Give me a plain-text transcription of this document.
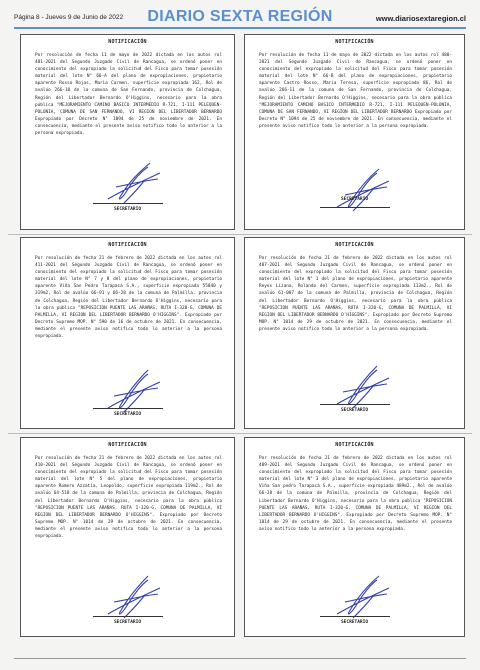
Página 8 - Jueves 9 de Junio de 2022	DIARIO SEXTA REGIÓN	www.diariosextaregion.cl
NOTIFICACIÓN
Por resolución de fecha 11 de mayo de 2022 dictada en los autos rol 481-2021 del Segundo Juzgado Civil de Rancagua, se ordenó poner en conocimiento del expropiado la solicitud del Fisco para tomar posesión material del lote N° 66-A del plano de expropiaciones, propietario aparente Rosso Rojas, Maria Carmen, superficie expropiada 162, Rol de avalúo 266-10 de la comuna de San Fernando, provincia de Colchagua, Región del Libertador Bernardo O'Higgins, necesario para la obra pública "MEJORAMIENTO CAMINO BASICO INTERMEDIO R-721, I-111 PELEQUEN-POLONIA, COMUNA DE SAN FERNANDO, VI REGION DEL LIBERTADOR BERNARDO Expropiado por Decreto N° 1094 de 25 de noviembre de 2021. En consecuencia, mediante el presente aviso notifico todo lo anterior a la persona expropiada.
SECRETARIO
NOTIFICACIÓN
Por resolución de fecha 11 de mayo de 2022 dictada en los autos rol 480-2021 del Segundo Juzgado Civil de Rancagua, se ordenó poner en conocimiento del expropiado la solicitud del Fisco para tomar posesión material del lote N° 66-B del plano de expropiaciones, propietario aparente Castro Rosso, Maria Teresa, superficie expropiada 86, Rol de avalúo 266-11 de la comuna de San Fernando, provincia de Colchagua, Región del Libertador Bernardo O'Higgins, necesario para la obra pública "MEJORAMIENTO CAMINO BASICO INTERMEDIO R-721, I-111 PELEQUEN-POLONIA, COMUNA DE SAN FERNANDO, VI REGION DEL LIBERTADOR BERNARDO Expropiado por Decreto N° 1094 de 25 de noviembre de 2021. En consecuencia, mediante el presente aviso notifico todo lo anterior a la persona expropiada.
SECRETARIO
NOTIFICACIÓN
Por resolución de fecha 21 de febrero de 2022 dictada en los autos rol 411-2021 del Segundo Juzgado Civil de Rancagua, se ordenó poner en conocimiento del expropiado la solicitud del Fisco para tomar posesión material del lote N° 7 y 8 del plano de expropiaciones, propietario aparente Viña San Pedro Tarapacá S.A., superficie expropiada 55840 y 319m2, Rol de avalúo 66-91 y 66-28 de la comuna de Palmilla, provincia de Colchagua, Región del Libertador Bernardo O'Higgins, necesario para la obra pública "REPOSICION PUENTE LAS ARAÑAS, RUTA I-320-G, COMUNA DE PALMILLA, VI REGION DEL LIBERTADOR BERNARDO O'HIGGINS". Expropiado por Decreto Supremo MOP. N° 590 de 16 de octubre de 2021. En consecuencia, mediante el presente aviso notifico todo lo anterior a la persona expropiada.
SECRETARIO
NOTIFICACIÓN
Por resolución de fecha 21 de febrero de 2022 dictada en los autos rol 407-2021 del Segundo Juzgado Civil de Rancagua, se ordenó poner en conocimiento del expropiado la solicitud del Fisco para tomar posesión material del lote N° 1 del plano de expropiaciones, propietario aparente Reyes Lizana, Rolando del Carmen, superficie expropiada 113m2., Rol de avalúo 61-007 de la comuna de Palmilla, provincia de Colchagua, Región del Libertador Bernardo O'Higgins, necesario para la obra pública "REPOSICION PUENTE LAS ARAÑAS, RUTA I-320-G, COMUNA DE PALMILLA, VI REGION DEL LIBERTADOR BERNARDO O'HIGGINS". Expropiado por Decreto Supremo MOP. N° 1014 de 29 de octubre de 2021. En consecuencia, mediante el presente aviso notifico todo lo anterior a la persona expropiada.
SECRETARIO
NOTIFICACIÓN
Por resolución de fecha 21 de febrero de 2022 dictada en los autos rol 410-2021 del Segundo Juzgado Civil de Rancagua, se ordenó poner en conocimiento del expropiado la solicitud del Fisco para tomar posesión material del lote N° 5 del plano de expropiaciones, propietario aparente Romero Azzatia, Leopoldo, superficie expropiada 119m2., Rol de avalúo 64-510 de la comuna de Palmilla, provincia de Colchagua, Región del Libertador Bernardo O'Higgins, necesario para la obra pública "REPOSICION PUENTE LAS ARAÑAS, RUTA I-320-G, COMUNA DE PALMILLA, VI REGION DEL LIBERTADOR BERNARDO O'HIGGINS". Expropiado por Decreto Supremo MOP. N° 1014 de 29 de octubre de 2021. En consecuencia, mediante el presente aviso notifico todo lo anterior a la persona expropiada.
SECRETARIO
NOTIFICACIÓN
Por resolución de fecha 21 de febrero de 2022 dictada en los autos rol 409-2021 del Segundo Juzgado Civil de Rancagua, se ordenó poner en conocimiento del expropiado la solicitud del Fisco para tomar posesión material del lote N° 3 del plano de expropiaciones, propietario aparente Viña San pedro Tarapacá S.A., superficie expropiada 489m2., Rol de avalúo 66-28 de la comuna de Palmilla, provincia de Colchagua, Región del Libertador Bernardo O'Higgins, necesario para la obra pública "REPOSICION PUENTE LAS ARAÑAS, RUTA I-320-G, COMUNA DE PALMILLA, VI REGION DEL LIBERTADOR BERNARDO O'HIGGINS". Expropiado por Decreto Supremo MOP. N° 1014 de 29 de octubre de 2021. En consecuencia, mediante el presente aviso notifico todo lo anterior a la persona expropiada.
SECRETARIO
